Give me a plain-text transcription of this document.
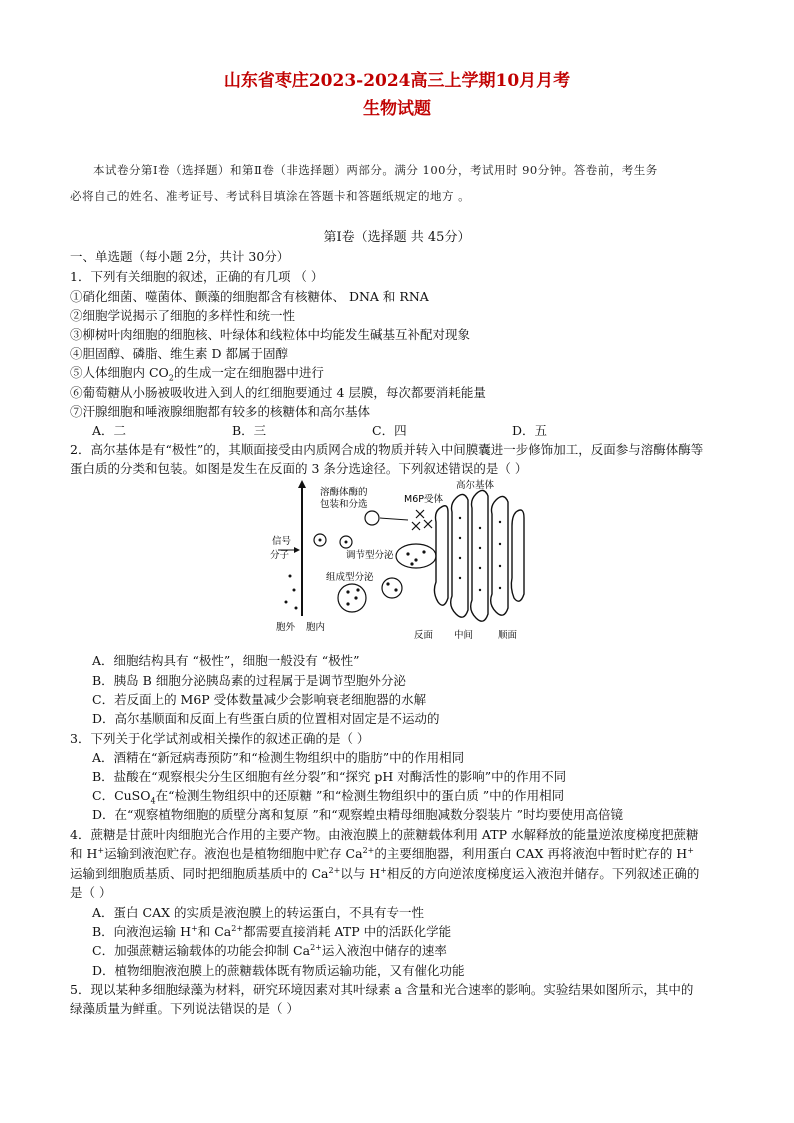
山东省枣庄2023-2024高三上学期10月月考
生物试题

本试卷分第Ⅰ卷（选择题）和第Ⅱ卷（非选择题）两部分。满分 100分，考试用时 90分钟。答卷前，考生务

必将自己的姓名、准考证号、考试科目填涂在答题卡和答题纸规定的地方 。

第Ⅰ卷（选择题 共 45分）
一、单选题（每小题 2分，共计 30分）
1．下列有关细胞的叙述，正确的有几项 （ ）
①硝化细菌、噬菌体、颤藻的细胞都含有核糖体、 DNA 和 RNA
②细胞学说揭示了细胞的多样性和统一性
③柳树叶肉细胞的细胞核、叶绿体和线粒体中均能发生碱基互补配对现象
④胆固醇、磷脂、维生素 D 都属于固醇
⑤人体细胞内 $CO_2$的生成一定在细胞器中进行
⑥葡萄糖从小肠被吸收进入到人的红细胞要通过 4 层膜，每次都要消耗能量
⑦汗腺细胞和唾液腺细胞都有较多的核糖体和高尔基体
A．二	B．三	C．四	D．五
2．高尔基体是有“极性”的，其顺面接受由内质网合成的物质并转入中间膜囊进一步修饰加工，反面参与溶酶体酶等
蛋白质的分类和包装。如图是发生在反面的 3 条分选途径。下列叙述错误的是（ ）
溶酶体酶的
包装和分选	M6P受体
高尔基体
信号
分子	调节型分泌
组成型分泌
胞外 胞内
反面 中间	顺面
A．细胞结构具有 “极性”，细胞一般没有 “极性”
B．胰岛 B 细胞分泌胰岛素的过程属于是调节型胞外分泌
C．若反面上的 M6P 受体数量减少会影响衰老细胞器的水解
D．高尔基顺面和反面上有些蛋白质的位置相对固定是不运动的
3．下列关于化学试剂或相关操作的叙述正确的是（ ）
A．酒精在“新冠病毒预防”和“检测生物组织中的脂肪”中的作用相同
B．盐酸在“观察根尖分生区细胞有丝分裂”和“探究 pH 对酶活性的影响”中的作用不同
C．CuSO$_4$在“检测生物组织中的还原糖 ”和“检测生物组织中的蛋白质 ”中的作用相同
D．在“观察植物细胞的质壁分离和复原 ”和“观察蝗虫精母细胞减数分裂装片 ”时均要使用高倍镜
4．蔗糖是甘蔗叶肉细胞光合作用的主要产物。由液泡膜上的蔗糖载体利用 ATP 水解释放的能量逆浓度梯度把蔗糖
和 H+运输到液泡贮存。液泡也是植物细胞中贮存 $Ca^{2+}$的主要细胞器，利用蛋白 CAX 再将液泡中暂时贮存的 H+
运输到细胞质基质、同时把细胞质基质中的 $Ca^{2+}$以与 H+相反的方向逆浓度梯度运入液泡并储存。下列叙述正确的
是（ ）
A．蛋白 CAX 的实质是液泡膜上的转运蛋白，不具有专一性
B．向液泡运输 H+和 $Ca^{2+}$都需要直接消耗 ATP 中的活跃化学能
C．加强蔗糖运输载体的功能会抑制 $Ca^{2+}$运入液泡中储存的速率
D．植物细胞液泡膜上的蔗糖载体既有物质运输功能，又有催化功能
5．现以某种多细胞绿藻为材料，研究环境因素对其叶绿素 a 含量和光合速率的影响。实验结果如图所示，其中的
绿藻质量为鲜重。下列说法错误的是（ ）
